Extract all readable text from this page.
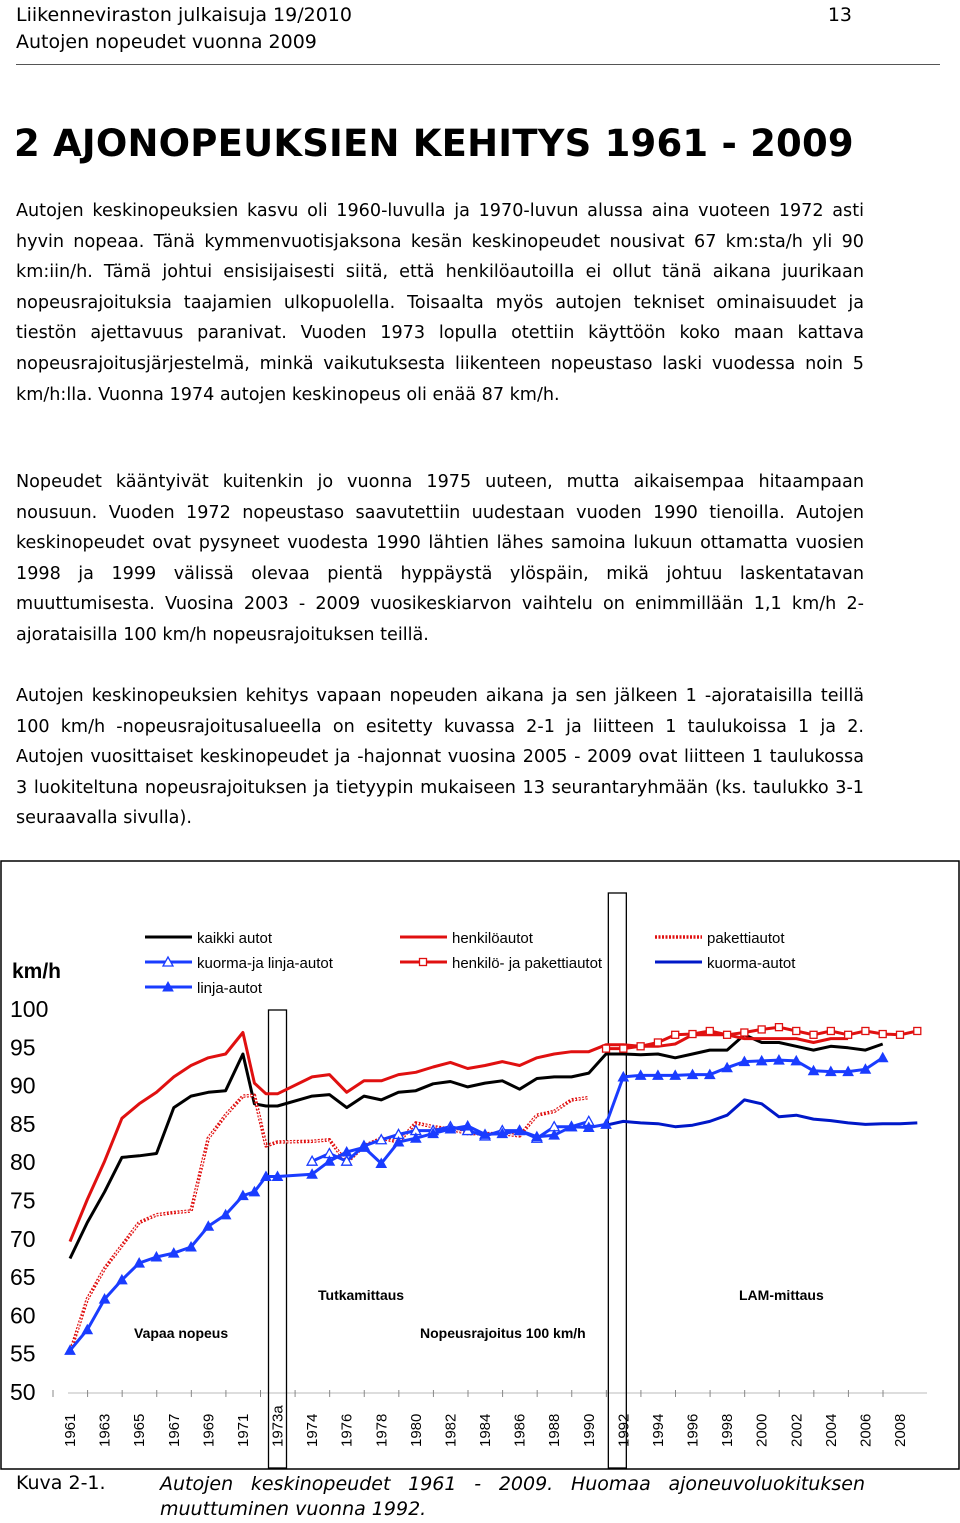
Liikenneviraston julkaisuja 19/2010
Autojen nopeudet vuonna 2009
13
2 AJONOPEUKSIEN KEHITYS 1961 - 2009

Autojen keskinopeuksien kasvu oli 1960-luvulla ja 1970-luvun alussa aina vuoteen 1972 asti hyvin nopeaa. Tänä kymmenvuotisjaksona kesän keskinopeudet nousivat 67 km:sta/h yli 90 km:iin/h. Tämä johtui ensisijaisesti siitä, että henkilöautoilla ei ollut tänä aikana juurikaan nopeusrajoituksia taajamien ulkopuolella. Toisaalta myös autojen tekniset ominaisuudet ja tiestön ajettavuus paranivat. Vuoden 1973 lopulla otettiin käyttöön koko maan kattava nopeusrajoitusjärjestelmä, minkä vaikutuksesta liikenteen nopeustaso laski vuodessa noin 5 km/h:lla. Vuonna 1974 autojen keskinopeus oli enää 87 km/h.

Nopeudet kääntyivät kuitenkin jo vuonna 1975 uuteen, mutta aikaisempaa hitaampaan nousuun. Vuoden 1972 nopeustaso saavutettiin uudestaan vuoden 1990 tienoilla. Autojen keskinopeudet ovat pysyneet vuodesta 1990 lähtien lähes samoina lukuun ottamatta vuosien 1998 ja 1999 välissä olevaa pientä hyppäystä ylöspäin, mikä johtuu laskentatavan muuttumisesta. Vuosina 2003 - 2009 vuosikeskiarvon vaihtelu on enimmillään 1,1 km/h 2-ajorataisilla 100 km/h nopeusrajoituksen teillä.

Autojen keskinopeuksien kehitys vapaan nopeuden aikana ja sen jälkeen 1 -ajorataisilla teillä 100 km/h -nopeusrajoitusalueella on esitetty kuvassa 2-1 ja liitteen 1 taulukoissa 1 ja 2. Autojen vuosittaiset keskinopeudet ja -hajonnat vuosina 2005 - 2009 ovat liitteen 1 taulukossa 3 luokiteltuna nopeusrajoituksen ja tietyypin mukaiseen 13 seurantaryhmään (ks. taulukko 3-1 seuraavalla sivulla).

km/h
100
95
90
85
80
75
70
65
60
55
50
1961 1963 1965 1967 1969 1971 1973a 1974 1976 1978 1980 1982 1984 1986 1988 1990 1992 1994 1996 1998 2000 2002 2004 2006 2008
kaikki autot	henkilöautot	pakettiautot
kuorma-ja linja-autot	henkilö- ja pakettiautot	kuorma-autot
linja-autot
Vapaa nopeus
Tutkamittaus
Nopeusrajoitus 100 km/h
LAM-mittaus
Kuva 2-1.	Autojen keskinopeudet 1961 - 2009. Huomaa ajoneuvoluokituksen muuttuminen vuonna 1992.
